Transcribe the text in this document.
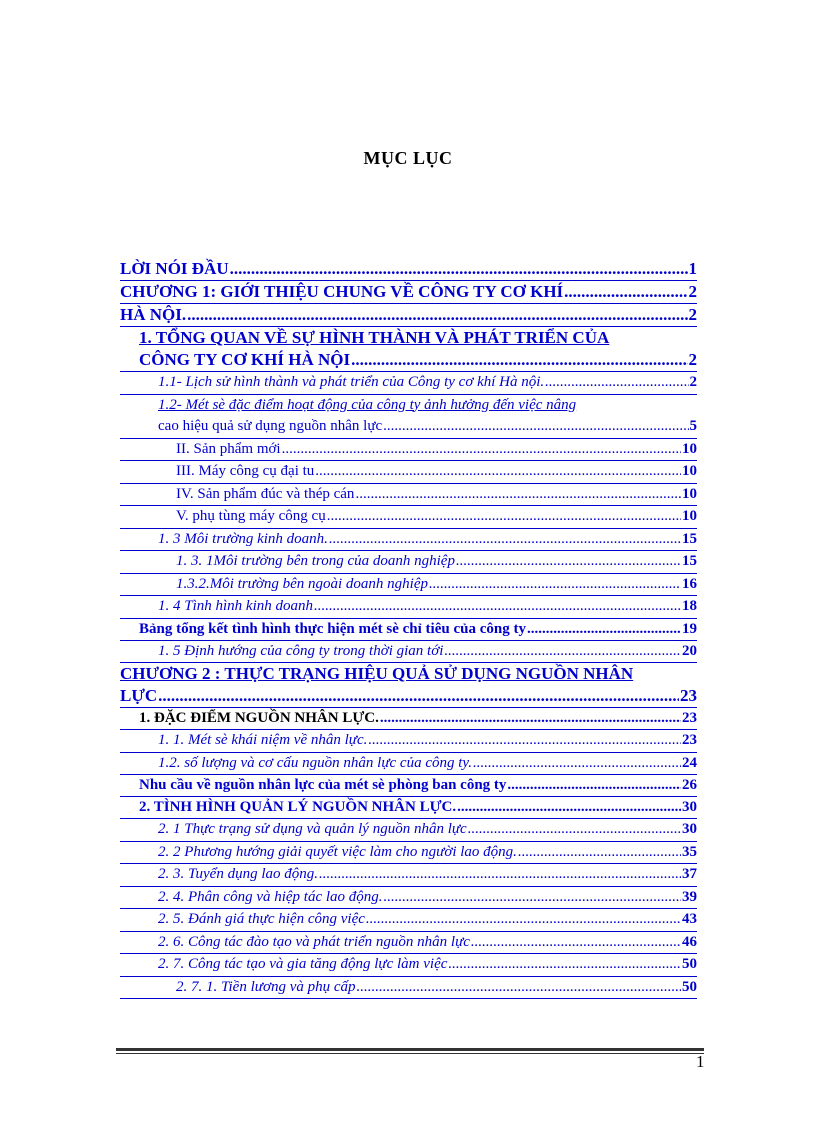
MỤC LỤC
LỜI NÓI ĐẦU .....	1
CHƯƠNG 1: GIỚI THIỆU CHUNG VỀ CÔNG TY CƠ KHÍ .....	2
HÀ NỘI. .....	2
1. TỔNG QUAN VỀ SỰ HÌNH THÀNH VÀ PHÁT TRIỂN CỦA
CÔNG TY CƠ KHÍ HÀ NỘI .....	2
1.1- Lịch sử hình thành và phát triển của Công ty cơ khí Hà nội. .....	2
1.2- Mét sè đặc điểm hoạt động của công ty ảnh hưởng đến việc nâng
cao hiệu quả sử dụng nguồn nhân lực .....	5
II. Sản phẩm mới .....	10
III. Máy công cụ đại tu .....	10
IV. Sản phẩm đúc và thép cán .....	10
V. phụ tùng máy công cụ .....	10
1. 3 Môi trường kinh doanh. .....	15
1. 3. 1Môi trường bên trong của doanh nghiệp .....	15
1.3.2.Môi trường bên ngoài doanh nghiệp .....	16
1. 4 Tình hình kinh doanh .....	18
Bảng tổng kết tình hình thực hiện mét sè chỉ tiêu của công ty .....	19
1. 5 Định hướng của công ty trong thời gian tới .....	20
CHƯƠNG 2 : THỰC TRẠNG HIỆU QUẢ SỬ DỤNG NGUỒN NHÂN
LỰC .....	23
1. ĐẶC ĐIỂM NGUỒN NHÂN LỰC. .....	23
1. 1. Mét sè khái niệm về nhân lực. .....	23
1.2. số lượng và cơ cấu nguồn nhân lực của công ty. .....	24
Nhu cầu về nguồn nhân lực của mét sè phòng ban công ty .....	26
2. TÌNH HÌNH QUẢN LÝ NGUỒN NHÂN LỰC. .....	30
2. 1 Thực trạng sử dụng và quản lý nguồn nhân lực .....	30
2. 2 Phương hướng giải quyết việc làm cho người lao động. .....	35
2. 3. Tuyển dụng lao động. .....	37
2. 4. Phân công và hiệp tác lao động. .....	39
2. 5. Đánh giá thực hiện công việc .....	43
2. 6. Công tác đào tạo và phát triển nguồn nhân lực .....	46
2. 7. Công tác tạo và gia tăng động lực làm việc .....	50
2. 7. 1. Tiền lương và phụ cấp .....	50
1
